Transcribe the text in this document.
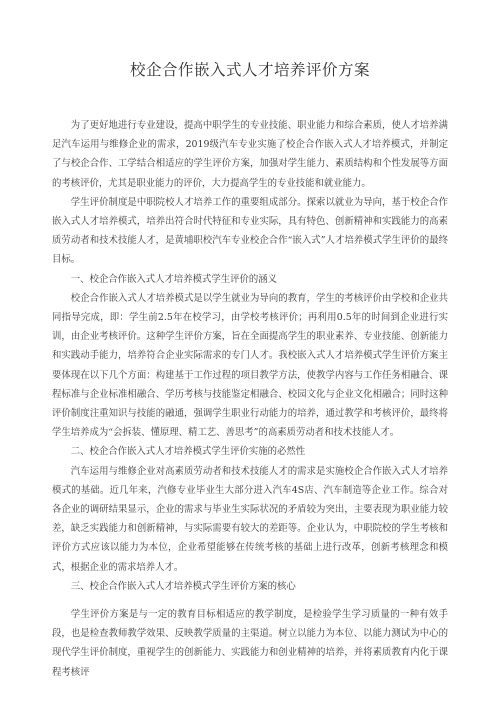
校企合作嵌入式人才培养评价方案

为了更好地进行专业建设，提高中职学生的专业技能、职业能力和综合素质，使人才培养满足汽车运用与维修企业的需求，2019级汽车专业实施了校企合作嵌入式人才培养模式，并制定了与校企合作、工学结合相适应的学生评价方案，加强对学生能力、素质结构和个性发展等方面的考核评价，尤其是职业能力的评价，大力提高学生的专业技能和就业能力。

学生评价制度是中职院校人才培养工作的重要组成部分。探索以就业为导向，基于校企合作嵌入式人才培养模式，培养出符合时代特征和专业实际，具有特色、创新精神和实践能力的高素质劳动者和技术技能人才，是黄埔职校汽车专业校企合作“嵌入式”人才培养模式学生评价的最终目标。

一、校企合作嵌入式人才培养模式学生评价的涵义

校企合作嵌入式人才培养模式是以学生就业为导向的教育，学生的考核评价由学校和企业共同指导完成，即：学生前2.5年在校学习，由学校考核评价；再利用0.5年的时间到企业进行实训，由企业考核评价。这种学生评价方案，旨在全面提高学生的职业素养、专业技能、创新能力和实践动手能力，培养符合企业实际需求的专门人才。我校嵌入式人才培养模式学生评价方案主要体现在以下几个方面：构建基于工作过程的项目教学方法，使教学内容与工作任务相融合、课程标准与企业标准相融合、学历考核与技能鉴定相融合、校园文化与企业文化相融合；同时这种评价制度注重知识与技能的融通，强调学生职业行动能力的培养，通过教学和考核评价，最终将学生培养成为“会拆装、懂原理、精工艺、善思考”的高素质劳动者和技术技能人才。

二、校企合作嵌入式人才培养模式学生评价实施的必然性

汽车运用与维修企业对高素质劳动者和技术技能人才的需求是实施校企合作嵌入式人才培养模式的基础。近几年来，汽修专业毕业生大部分进入汽车4S店、汽车制造等企业工作。综合对各企业的调研结果显示，企业的需求与毕业生实际状况的矛盾较为突出，主要表现为职业能力较差，缺乏实践能力和创新精神，与实际需要有较大的差距等。企业认为，中职院校的学生考核和评价方式应该以能力为本位，企业希望能够在传统考核的基础上进行改革，创新考核理念和模式，根据企业的需求培养人才。

三、校企合作嵌入式人才培养模式学生评价方案的核心

学生评价方案是与一定的教育目标相适应的教学制度，是检验学生学习质量的一种有效手段，也是检查教师教学效果、反映教学质量的主渠道。树立以能力为本位、以能力测试为中心的现代学生评价制度，重视学生的创新能力、实践能力和创业精神的培养，并将素质教育内化于课程考核评
